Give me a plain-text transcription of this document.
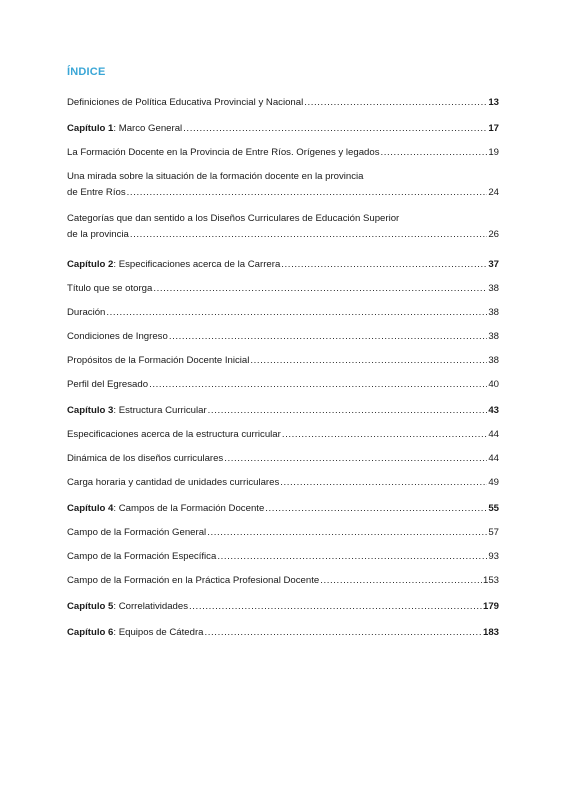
ÍNDICE
Definiciones de Política Educativa Provincial y Nacional .....	13
Capítulo 1: Marco General .....	17
La Formación Docente en la Provincia de Entre Ríos. Orígenes y legados .....	19
Una mirada sobre la situación de la formación docente en la provincia
de Entre Ríos .....	24
Categorías que dan sentido a los Diseños Curriculares de Educación Superior
de la provincia .....	26
Capítulo 2: Especificaciones acerca de la Carrera .....	37
Título que se otorga .....	38
Duración .....	38
Condiciones de Ingreso .....	38
Propósitos de la Formación Docente Inicial .....	38
Perfil del Egresado .....	40
Capítulo 3: Estructura Curricular .....	43
Especificaciones acerca de la estructura curricular .....	44
Dinámica de los diseños curriculares .....	44
Carga horaria y cantidad de unidades curriculares .....	49
Capítulo 4: Campos de la Formación Docente .....	55
Campo de la Formación General .....	57
Campo de la Formación Específica .....	93
Campo de la Formación en la Práctica Profesional Docente .....	153
Capítulo 5: Correlatividades .....	179
Capítulo 6: Equipos de Cátedra .....	183
